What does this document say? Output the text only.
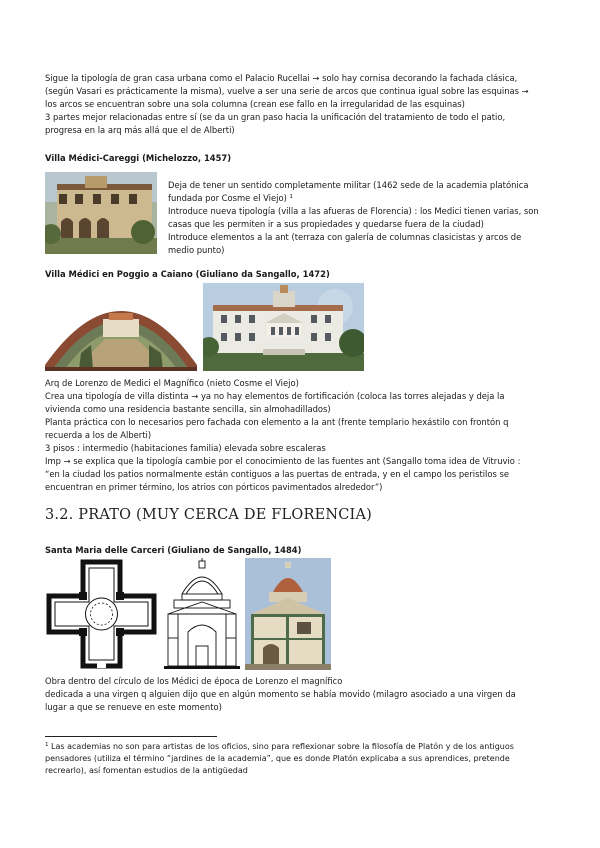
Sigue la tipología de gran casa urbana como el Palacio Rucellai → solo hay cornisa decorando la fachada clásica,
(según Vasari es prácticamente la misma), vuelve a ser una serie de arcos que continua igual sobre las esquinas →
los arcos se encuentran sobre una sola columna (crean ese fallo en la irregularidad de las esquinas)
3 partes mejor relacionadas entre sí (se da un gran paso hacia la unificación del tratamiento de todo el patio,
progresa en la arq más allá que el de Alberti)
Villa Médici-Careggi (Michelozzo, 1457)
Deja de tener un sentido completamente militar (1462 sede de la academia platónica
fundada por Cosme el Viejo) $^1$
Introduce nueva tipología (villa a las afueras de Florencia) : los Medici tienen varias, son
casas que les permiten ir a sus propiedades y quedarse fuera de la ciudad)
Introduce elementos a la ant (terraza con galería de columnas clasicistas y arcos de
medio punto)
Villa Médici en Poggio a Caiano (Giuliano da Sangallo, 1472)
Arq de Lorenzo de Medici el Magnífico (nieto Cosme el Viejo)
Crea una tipología de villa distinta → ya no hay elementos de fortificación (coloca las torres alejadas y deja la
vivienda como una residencia bastante sencilla, sin almohadillados)
Planta práctica con lo necesarios pero fachada con elemento a la ant (frente templario hexástilo con frontón q
recuerda a los de Alberti)
3 pisos : intermedio (habitaciones familia) elevada sobre escaleras
Imp → se explica que la tipología cambie por el conocimiento de las fuentes ant (Sangallo toma idea de Vitruvio :
“en la ciudad los patios normalmente están contiguos a las puertas de entrada, y en el campo los peristilos se
encuentran en primer término, los atrios con pórticos pavimentados alrededor”)
3.2. PRATO (MUY CERCA DE FLORENCIA)
Santa Maria delle Carceri (Giuliano de Sangallo, 1484)
Obra dentro del círculo de los Médici de época de Lorenzo el magnífico
dedicada a una virgen q alguien dijo que en algún momento se había movido (milagro asociado a una virgen da
lugar a que se renueve en este momento)
$^1$ Las academias no son para artistas de los oficios, sino para reflexionar sobre la filosofía de Platón y de los antiguos
pensadores (utiliza el término “jardines de la academia”, que es donde Platón explicaba a sus aprendices, pretende
recrearlo), así fomentan estudios de la antigüedad
